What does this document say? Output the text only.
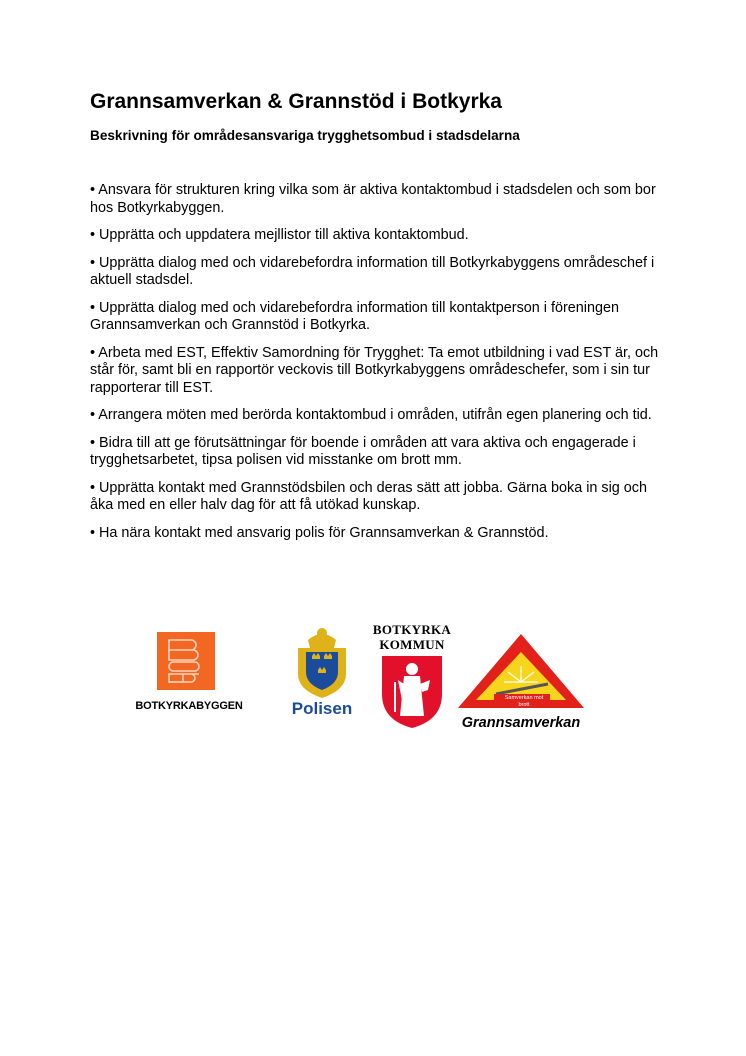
Grannsamverkan & Grannstöd i Botkyrka
Beskrivning för områdesansvariga trygghetsombud i stadsdelarna
• Ansvara för strukturen kring vilka som är aktiva kontaktombud i stadsdelen och som bor hos Botkyrkabyggen.
• Upprätta och uppdatera mejllistor till aktiva kontaktombud.
• Upprätta dialog med och vidarebefordra information till Botkyrkabyggens områdeschef i aktuell stadsdel.
• Upprätta dialog med och vidarebefordra information till kontaktperson i föreningen Grannsamverkan och Grannstöd i Botkyrka.
• Arbeta med EST, Effektiv Samordning för Trygghet: Ta emot utbildning i vad EST är, och står för, samt bli en rapportör veckovis till Botkyrkabyggens områdeschefer, som i sin tur rapporterar till EST.
• Arrangera möten med berörda kontaktombud i områden, utifrån egen planering och tid.
• Bidra till att ge förutsättningar för boende i områden att vara aktiva och engagerade i trygghetsarbetet, tipsa polisen vid misstanke om brott mm.
• Upprätta kontakt med Grannstödsbilen och deras sätt att jobba. Gärna boka in sig och åka med en eller halv dag för att få utökad kunskap.
• Ha nära kontakt med ansvarig polis för Grannsamverkan & Grannstöd.
BOTKYRKABYGGEN	Polisen
BOTKYRKA
KOMMUN
Samverkan mot brott
Grannsamverkan
